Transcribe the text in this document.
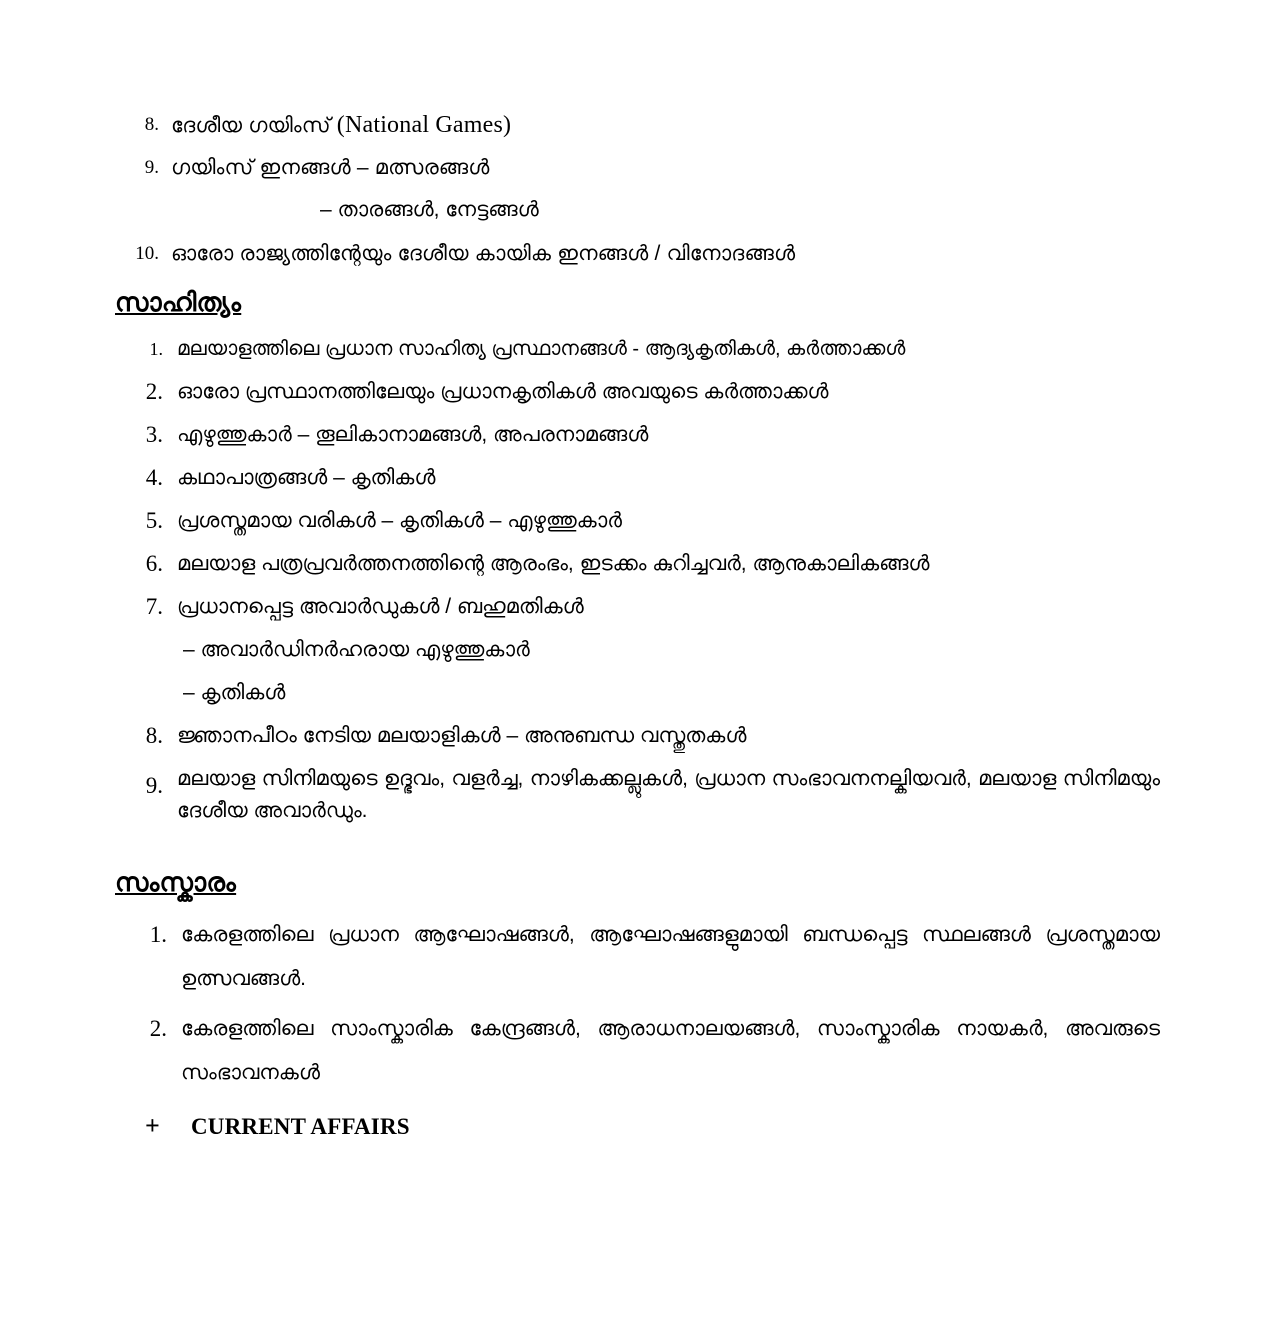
8. ദേശീയ ഗയിംസ് (National Games)
9. ഗയിംസ് ഇനങ്ങൾ – മത്സരങ്ങൾ
– താരങ്ങൾ, നേട്ടങ്ങൾ
10. ഓരോ രാജ്യത്തിന്റേയും ദേശീയ കായിക ഇനങ്ങൾ / വിനോദങ്ങൾ
സാഹിത്യം
1. മലയാളത്തിലെ പ്രധാന സാഹിത്യ പ്രസ്ഥാനങ്ങൾ - ആദ്യകൃതികൾ, കർത്താക്കൾ
2. ഓരോ പ്രസ്ഥാനത്തിലേയും പ്രധാനകൃതികൾ അവയുടെ കർത്താക്കൾ
3. എഴുത്തുകാർ – തൂലികാനാമങ്ങൾ, അപരനാമങ്ങൾ
4. കഥാപാത്രങ്ങൾ – കൃതികൾ
5. പ്രശസ്തമായ വരികൾ – കൃതികൾ – എഴുത്തുകാർ
6. മലയാള പത്രപ്രവർത്തനത്തിന്റെ ആരംഭം, ഇടക്കം കുറിച്ചവർ, ആനുകാലികങ്ങൾ
7. പ്രധാനപ്പെട്ട അവാർഡുകൾ / ബഹുമതികൾ
– അവാർഡിനർഹരായ എഴുത്തുകാർ
– കൃതികൾ
8. ജ്ഞാനപീഠം നേടിയ മലയാളികൾ – അനുബന്ധ വസ്തുതകൾ
9. മലയാള സിനിമയുടെ ഉദ്ഭവം, വളർച്ച, നാഴികക്കല്ലുകൾ, പ്രധാന സംഭാവനനല്കിയവർ, മലയാള സിനിമയും ദേശീയ അവാർഡും.
സംസ്കാരം
1. കേരളത്തിലെ പ്രധാന ആഘോഷങ്ങൾ, ആഘോഷങ്ങളുമായി ബന്ധപ്പെട്ട സ്ഥലങ്ങൾ പ്രശസ്തമായ ഉത്സവങ്ങൾ.
2. കേരളത്തിലെ സാംസ്കാരിക കേന്ദ്രങ്ങൾ, ആരാധനാലയങ്ങൾ, സാംസ്കാരിക നായകർ, അവരുടെ സംഭാവനകൾ
+	CURRENT AFFAIRS
